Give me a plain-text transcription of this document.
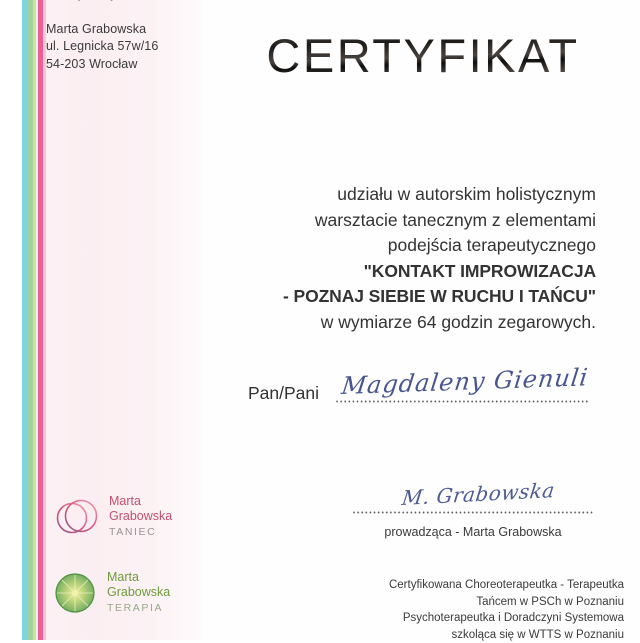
Marta Grabowska
ul. Legnicka 57w/16
54-203 Wrocław	CERTYFIKAT
udziału w autorskim holistycznym
warsztacie tanecznym z elementami
podejścia terapeutycznego
"KONTAKT IMPROWIZACJA
- POZNAJ SIEBIE W RUCHU I TAŃCU"
w wymiarze 64 godzin zegarowych.
Pan/Pani Magdaleny Gienuli
M. Grabowska
prowadząca - Marta Grabowska
Certyfikowana Choreoterapeutka - Terapeutka
Tańcem w PSCh w Poznaniu
Psychoterapeutka i Doradczyni Systemowa
szkoląca się w WTTS w Poznaniu
Marta
Grabowska
TANIEC
Marta
Grabowska
TERAPIA
